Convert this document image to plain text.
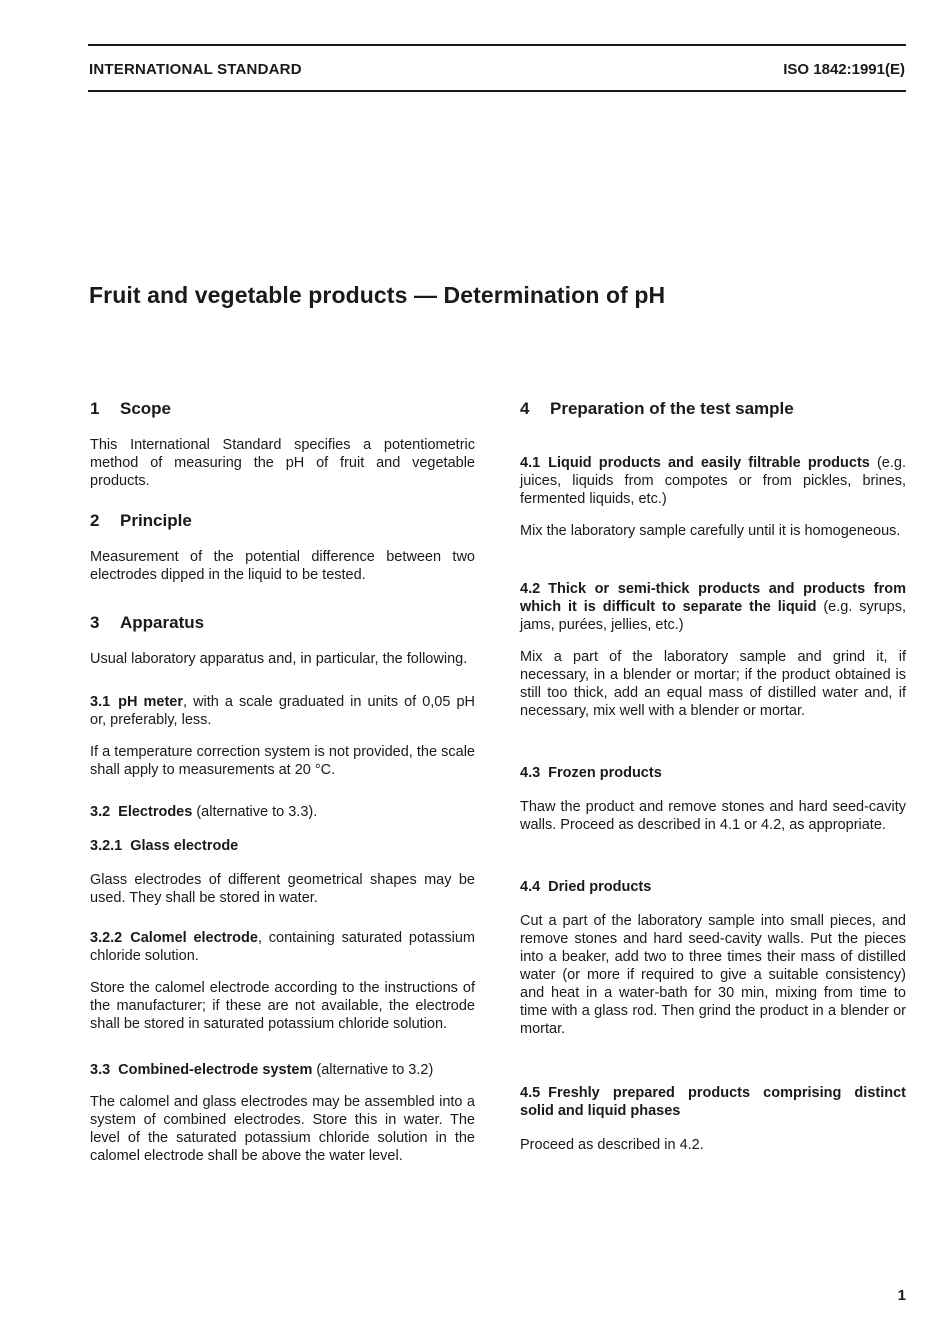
INTERNATIONAL STANDARD	ISO 1842:1991(E)
Fruit and vegetable products — Determination of pH
1 Scope

This International Standard specifies a potentiometric method of measuring the pH of fruit and vegetable products.

2 Principle

Measurement of the potential difference between two electrodes dipped in the liquid to be tested.

3 Apparatus

Usual laboratory apparatus and, in particular, the following.

3.1 pH meter, with a scale graduated in units of 0,05 pH or, preferably, less.

If a temperature correction system is not provided, the scale shall apply to measurements at 20 °C.

3.2 Electrodes (alternative to 3.3).

3.2.1 Glass electrode

Glass electrodes of different geometrical shapes may be used. They shall be stored in water.

3.2.2 Calomel electrode, containing saturated potassium chloride solution.

Store the calomel electrode according to the instructions of the manufacturer; if these are not available, the electrode shall be stored in saturated potassium chloride solution.

3.3 Combined-electrode system (alternative to 3.2)

The calomel and glass electrodes may be assembled into a system of combined electrodes. Store this in water. The level of the saturated potassium chloride solution in the calomel electrode shall be above the water level.

4 Preparation of the test sample

4.1 Liquid products and easily filtrable products (e.g. juices, liquids from compotes or from pickles, brines, fermented liquids, etc.)

Mix the laboratory sample carefully until it is homogeneous.

4.2 Thick or semi-thick products and products from which it is difficult to separate the liquid (e.g. syrups, jams, purées, jellies, etc.)

Mix a part of the laboratory sample and grind it, if necessary, in a blender or mortar; if the product obtained is still too thick, add an equal mass of distilled water and, if necessary, mix well with a blender or mortar.

4.3 Frozen products

Thaw the product and remove stones and hard seed-cavity walls. Proceed as described in 4.1 or 4.2, as appropriate.

4.4 Dried products

Cut a part of the laboratory sample into small pieces, and remove stones and hard seed-cavity walls. Put the pieces into a beaker, add two to three times their mass of distilled water (or more if required to give a suitable consistency) and heat in a water-bath for 30 min, mixing from time to time with a glass rod. Then grind the product in a blender or mortar.

4.5 Freshly prepared products comprising distinct solid and liquid phases

Proceed as described in 4.2.

1
